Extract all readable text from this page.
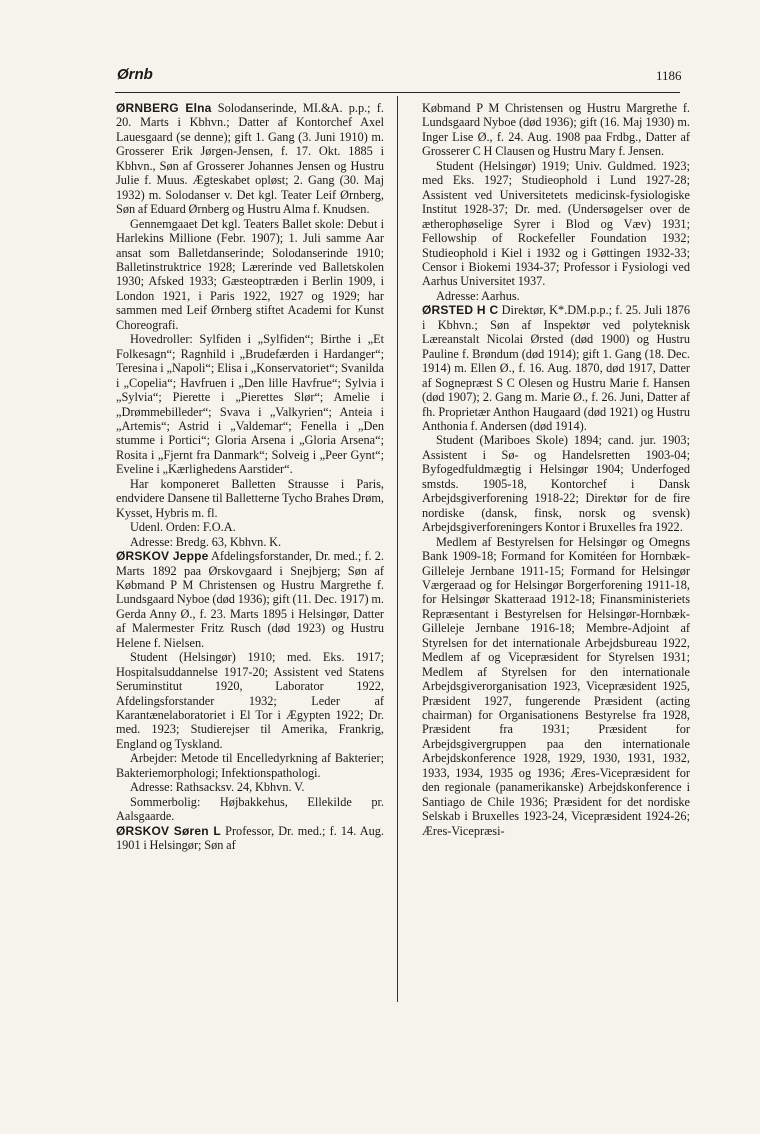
Ørnb	1186

ØRNBERG Elna Solodanserinde, MI.&A. p.p.; f. 20. Marts i Kbhvn.; Datter af Kontorchef Axel Lauesgaard (se denne); gift 1. Gang (3. Juni 1910) m. Grosserer Erik Jørgen-Jensen, f. 17. Okt. 1885 i Kbhvn., Søn af Grosserer Johannes Jensen og Hustru Julie f. Muus. Ægteskabet opløst; 2. Gang (30. Maj 1932) m. Solodanser v. Det kgl. Teater Leif Ørnberg, Søn af Eduard Ørnberg og Hustru Alma f. Knudsen.

Gennemgaaet Det kgl. Teaters Ballet skole: Debut i Harlekins Millione (Febr. 1907); 1. Juli samme Aar ansat som Balletdanserinde; Solodanserinde 1910; Balletinstruktrice 1928; Lærerinde ved Balletskolen 1930; Afsked 1933; Gæsteoptræden i Berlin 1909, i London 1921, i Paris 1922, 1927 og 1929; har sammen med Leif Ørnberg stiftet Academi for Kunst Choreografi.

Hovedroller: Sylfiden i „Sylfiden“; Birthe i „Et Folkesagn“; Ragnhild i „Brudefærden i Hardanger“; Teresina i „Napoli“; Elisa i „Konservatoriet“; Svanilda i „Copelia“; Havfruen i „Den lille Havfrue“; Sylvia i „Sylvia“; Pierette i „Pierettes Slør“; Amelie i „Drømmebilleder“; Svava i „Valkyrien“; Anteia i „Artemis“; Astrid i „Valdemar“; Fenella i „Den stumme i Portici“; Gloria Arsena i „Gloria Arsena“; Rosita i „Fjernt fra Danmark“; Solveig i „Peer Gynt“; Eveline i „Kærlighedens Aarstider“.

Har komponeret Balletten Strausse i Paris, endvidere Dansene til Balletterne Tycho Brahes Drøm, Kysset, Hybris m. fl.

Udenl. Orden: F.O.A.

Adresse: Bredg. 63, Kbhvn. K.

ØRSKOV Jeppe Afdelingsforstander, Dr. med.; f. 2. Marts 1892 paa Ørskovgaard i Snejbjerg; Søn af Købmand P M Christensen og Hustru Margrethe f. Lundsgaard Nyboe (død 1936); gift (11. Dec. 1917) m. Gerda Anny Ø., f. 23. Marts 1895 i Helsingør, Datter af Malermester Fritz Rusch (død 1923) og Hustru Helene f. Nielsen.

Student (Helsingør) 1910; med. Eks. 1917; Hospitalsuddannelse 1917-20; Assistent ved Statens Seruminstitut 1920, Laborator 1922, Afdelingsforstander 1932; Leder af Karantænelaboratoriet i El Tor i Ægypten 1922; Dr. med. 1923; Studierejser til Amerika, Frankrig, England og Tyskland.

Arbejder: Metode til Encelledyrkning af Bakterier; Bakteriemorphologi; Infektionspathologi.

Adresse: Rathsacksv. 24, Kbhvn. V.

Sommerbolig: Højbakkehus, Ellekilde pr. Aalsgaarde.

ØRSKOV Søren L Professor, Dr. med.; f. 14. Aug. 1901 i Helsingør; Søn af

Købmand P M Christensen og Hustru Margrethe f. Lundsgaard Nyboe (død 1936); gift (16. Maj 1930) m. Inger Lise Ø., f. 24. Aug. 1908 paa Frdbg., Datter af Grosserer C H Clausen og Hustru Mary f. Jensen.

Student (Helsingør) 1919; Univ. Guldmed. 1923; med Eks. 1927; Studieophold i Lund 1927-28; Assistent ved Universitetets medicinsk-fysiologiske Institut 1928-37; Dr. med. (Undersøgelser over de ætherophøselige Syrer i Blod og Væv) 1931; Fellowship of Rockefeller Foundation 1932; Studieophold i Kiel i 1932 og i Gøttingen 1932-33; Censor i Biokemi 1934-37; Professor i Fysiologi ved Aarhus Universitet 1937.

Adresse: Aarhus.

ØRSTED H C Direktør, K*.DM.p.p.; f. 25. Juli 1876 i Kbhvn.; Søn af Inspektør ved polyteknisk Læreanstalt Nicolai Ørsted (død 1900) og Hustru Pauline f. Brøndum (død 1914); gift 1. Gang (18. Dec. 1914) m. Ellen Ø., f. 16. Aug. 1870, død 1917, Datter af Sognepræst S C Olesen og Hustru Marie f. Hansen (død 1907); 2. Gang m. Marie Ø., f. 26. Juni, Datter af fh. Proprietær Anthon Haugaard (død 1921) og Hustru Anthonia f. Andersen (død 1914).

Student (Mariboes Skole) 1894; cand. jur. 1903; Assistent i Sø- og Handelsretten 1903-04; Byfogedfuldmægtig i Helsingør 1904; Underfoged smstds. 1905-18, Kontorchef i Dansk Arbejdsgiverforening 1918-22; Direktør for de fire nordiske (dansk, finsk, norsk og svensk) Arbejdsgiverforeningers Kontor i Bruxelles fra 1922.

Medlem af Bestyrelsen for Helsingør og Omegns Bank 1909-18; Formand for Komitéen for Hornbæk-Gilleleje Jernbane 1911-15; Formand for Helsingør Værgeraad og for Helsingør Borgerforening 1911-18, for Helsingør Skatteraad 1912-18; Finansministeriets Repræsentant i Bestyrelsen for Helsingør-Hornbæk-Gilleleje Jernbane 1916-18; Membre-Adjoint af Styrelsen for det internationale Arbejdsbureau 1922, Medlem af og Vicepræsident for Styrelsen 1931; Medlem af Styrelsen for den internationale Arbejdsgiverorganisation 1923, Vicepræsident 1925, Præsident 1927, fungerende Præsident (acting chairman) for Organisationens Bestyrelse fra 1928, Præsident fra 1931; Præsident for Arbejdsgivergruppen paa den internationale Arbejdskonference 1928, 1929, 1930, 1931, 1932, 1933, 1934, 1935 og 1936; Æres-Vicepræsident for den regionale (panamerikanske) Arbejdskonference i Santiago de Chile 1936; Præsident for det nordiske Selskab i Bruxelles 1923-24, Vicepræsident 1924-26; Æres-Vicepræsi-
